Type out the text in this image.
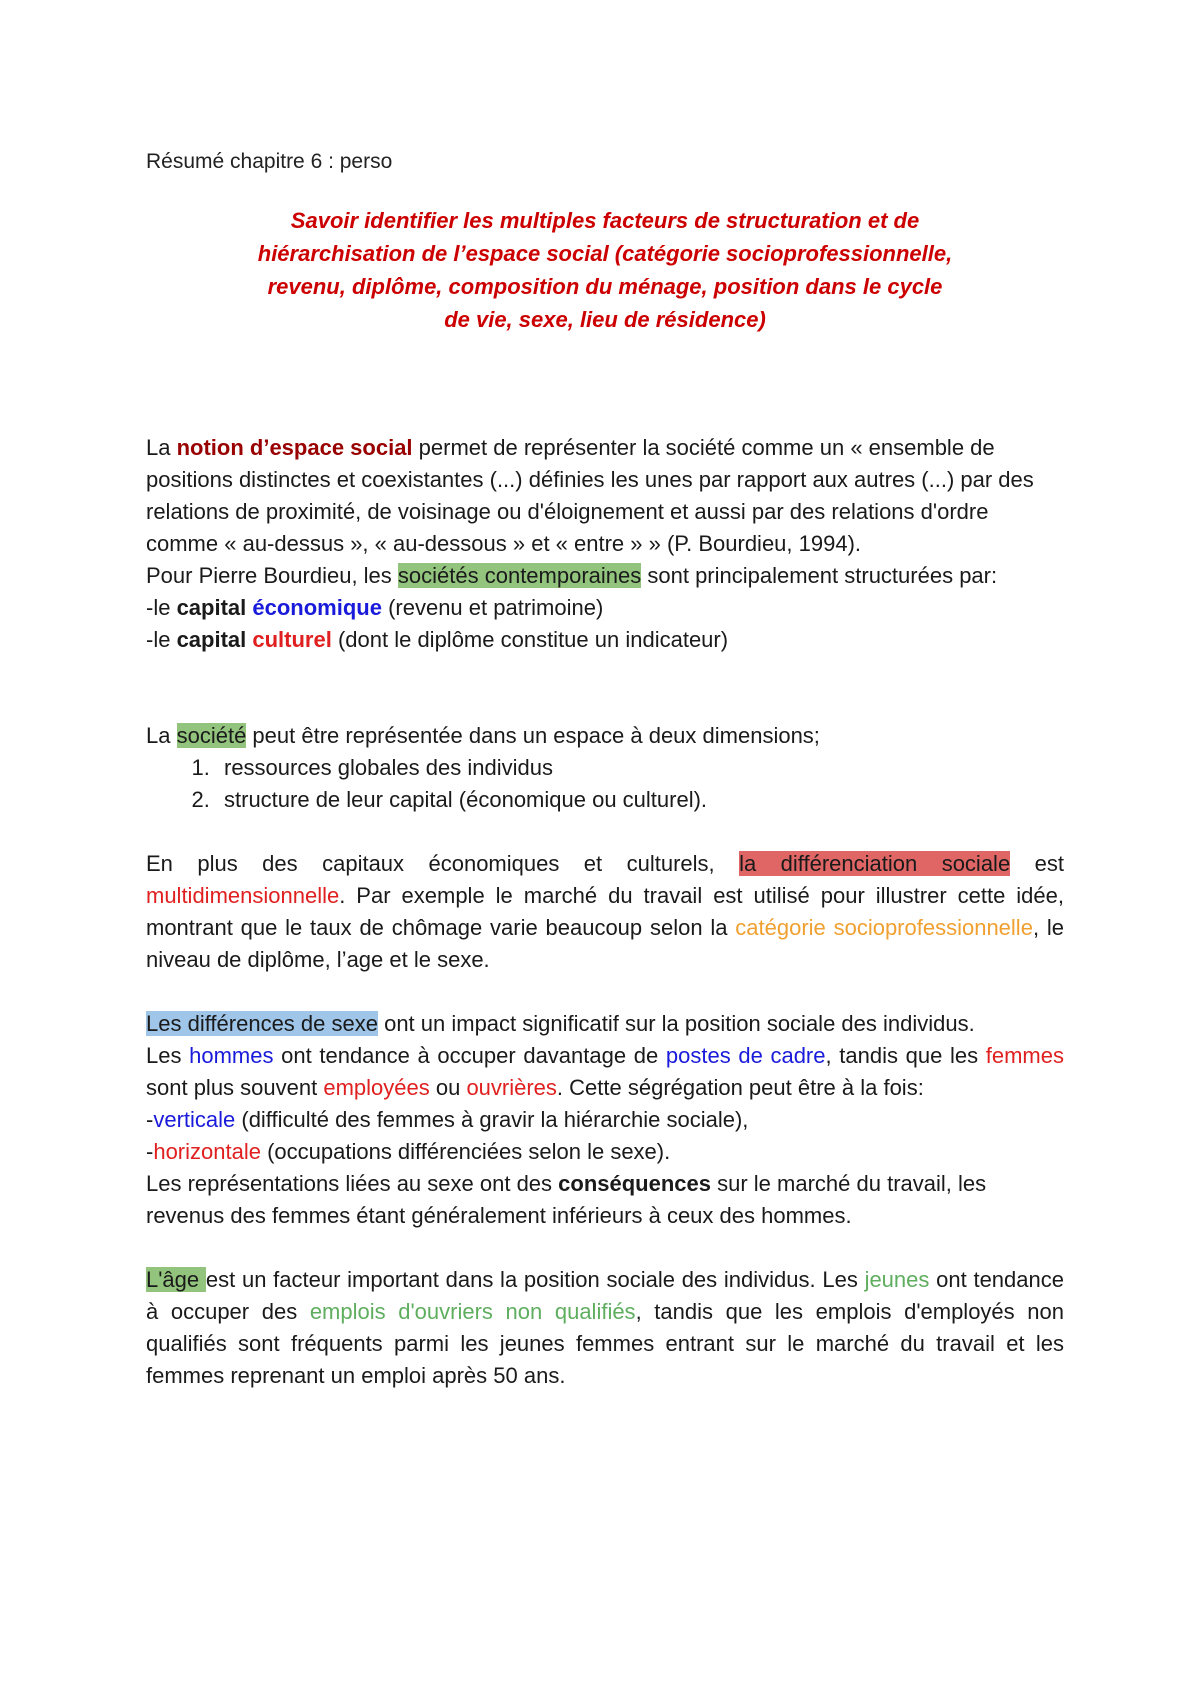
Résumé chapitre 6 : perso

Savoir identifier les multiples facteurs de structuration et de
hiérarchisation de l’espace social (catégorie socioprofessionnelle,
revenu, diplôme, composition du ménage, position dans le cycle
de vie, sexe, lieu de résidence)

La notion d’espace social permet de représenter la société comme un « ensemble de positions distinctes et coexistantes (...) définies les unes par rapport aux autres (...) par des relations de proximité, de voisinage ou d'éloignement et aussi par des relations d'ordre comme « au-dessus », « au-dessous » et « entre » » (P. Bourdieu, 1994).

Pour Pierre Bourdieu, les sociétés contemporaines sont principalement structurées par:

-le capital économique (revenu et patrimoine)

-le capital culturel (dont le diplôme constitue un indicateur)

La société peut être représentée dans un espace à deux dimensions;

1. ressources globales des individus
2. structure de leur capital (économique ou culturel).

En plus des capitaux économiques et culturels, la différenciation sociale est multidimensionnelle. Par exemple le marché du travail est utilisé pour illustrer cette idée, montrant que le taux de chômage varie beaucoup selon la catégorie socioprofessionnelle, le niveau de diplôme, l’age et le sexe.

Les différences de sexe ont un impact significatif sur la position sociale des individus.

Les hommes ont tendance à occuper davantage de postes de cadre, tandis que les femmes sont plus souvent employées ou ouvrières. Cette ségrégation peut être à la fois:

-verticale (difficulté des femmes à gravir la hiérarchie sociale),

-horizontale (occupations différenciées selon le sexe).

Les représentations liées au sexe ont des conséquences sur le marché du travail, les revenus des femmes étant généralement inférieurs à ceux des hommes.

L'âge est un facteur important dans la position sociale des individus. Les jeunes ont tendance à occuper des emplois d'ouvriers non qualifiés, tandis que les emplois d'employés non qualifiés sont fréquents parmi les jeunes femmes entrant sur le marché du travail et les femmes reprenant un emploi après 50 ans.
